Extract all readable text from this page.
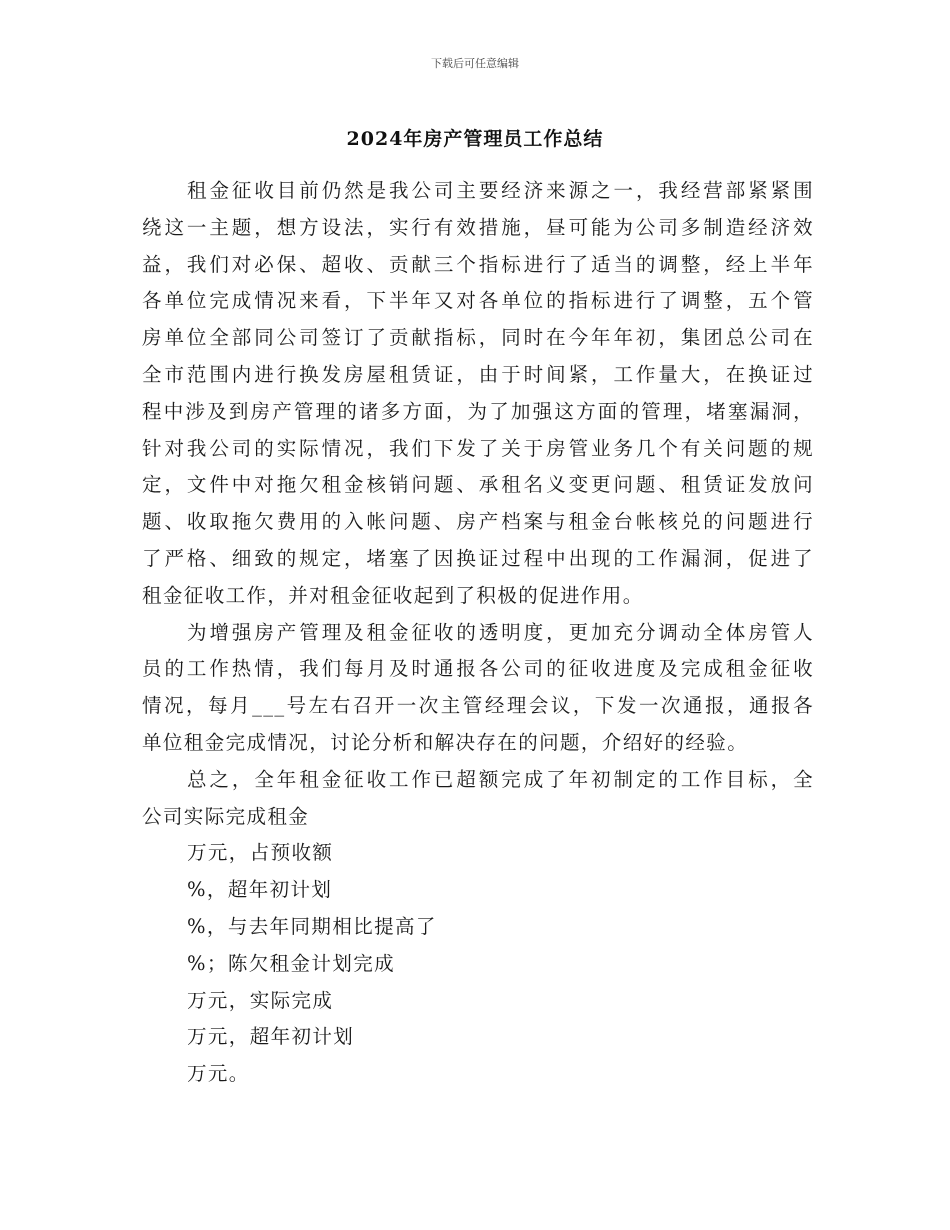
下载后可任意编辑
2024年房产管理员工作总结
租金征收目前仍然是我公司主要经济来源之一，我经营部紧紧围
绕这一主题，想方设法，实行有效措施，昼可能为公司多制造经济效
益，我们对必保、超收、贡献三个指标进行了适当的调整，经上半年
各单位完成情况来看，下半年又对各单位的指标进行了调整，五个管
房单位全部同公司签订了贡献指标，同时在今年年初，集团总公司在
全市范围内进行换发房屋租赁证，由于时间紧，工作量大，在换证过
程中涉及到房产管理的诸多方面，为了加强这方面的管理，堵塞漏洞，
针对我公司的实际情况，我们下发了关于房管业务几个有关问题的规
定，文件中对拖欠租金核销问题、承租名义变更问题、租赁证发放问
题、收取拖欠费用的入帐问题、房产档案与租金台帐核兑的问题进行
了严格、细致的规定，堵塞了因换证过程中出现的工作漏洞，促进了
租金征收工作，并对租金征收起到了积极的促进作用。
为增强房产管理及租金征收的透明度，更加充分调动全体房管人
员的工作热情，我们每月及时通报各公司的征收进度及完成租金征收
情况，每月___号左右召开一次主管经理会议，下发一次通报，通报各
单位租金完成情况，讨论分析和解决存在的问题，介绍好的经验。
总之，全年租金征收工作已超额完成了年初制定的工作目标，全
公司实际完成租金
万元，占预收额
%，超年初计划
%，与去年同期相比提高了
%；陈欠租金计划完成
万元，实际完成
万元，超年初计划
万元。
